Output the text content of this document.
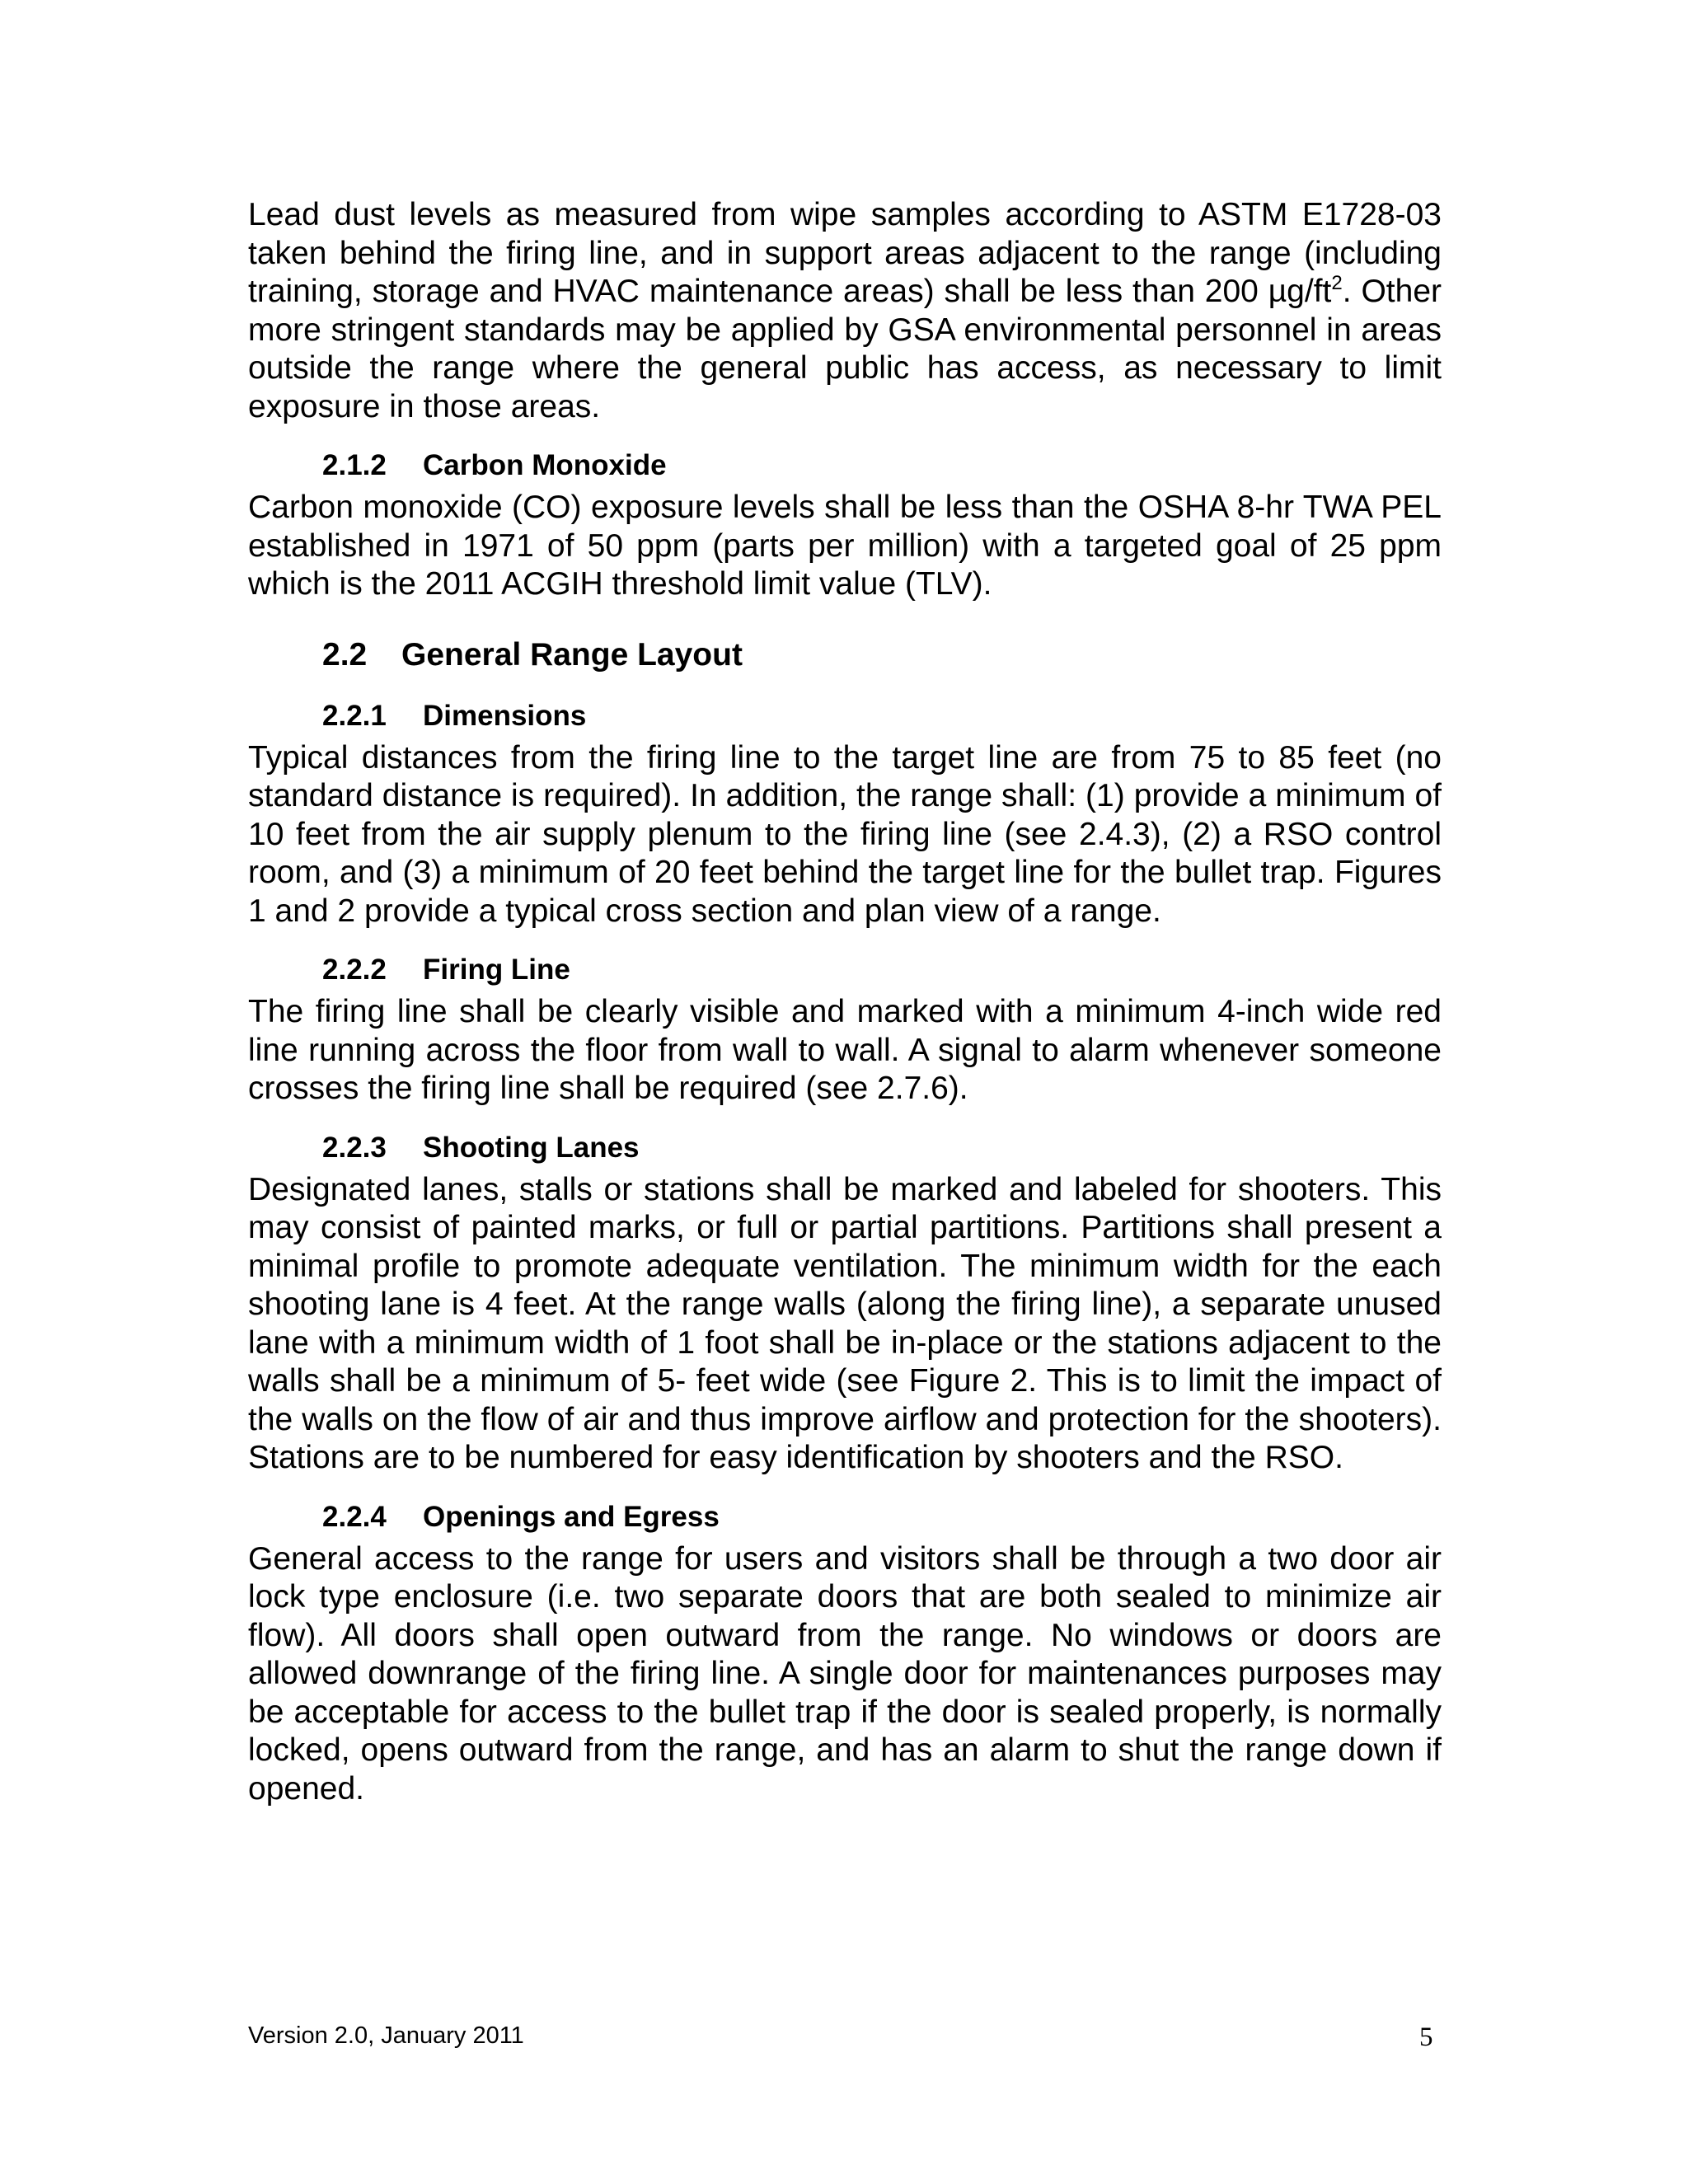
Lead dust levels as measured from wipe samples according to ASTM E1728-03 taken behind the firing line, and in support areas adjacent to the range (including training, storage and HVAC maintenance areas) shall be less than 200 $\mu g/ft^2$. Other more stringent standards may be applied by GSA environmental personnel in areas outside the range where the general public has access, as necessary to limit exposure in those areas.

2.1.2 Carbon Monoxide

Carbon monoxide (CO) exposure levels shall be less than the OSHA 8-hr TWA PEL established in 1971 of 50 ppm (parts per million) with a targeted goal of 25 ppm which is the 2011 ACGIH threshold limit value (TLV).

2.2 General Range Layout
2.2.1 Dimensions

Typical distances from the firing line to the target line are from 75 to 85 feet (no standard distance is required). In addition, the range shall: (1) provide a minimum of 10 feet from the air supply plenum to the firing line (see 2.4.3), (2) a RSO control room, and (3) a minimum of 20 feet behind the target line for the bullet trap. Figures 1 and 2 provide a typical cross section and plan view of a range.

2.2.2 Firing Line

The firing line shall be clearly visible and marked with a minimum 4-inch wide red line running across the floor from wall to wall. A signal to alarm whenever someone crosses the firing line shall be required (see 2.7.6).

2.2.3 Shooting Lanes

Designated lanes, stalls or stations shall be marked and labeled for shooters. This may consist of painted marks, or full or partial partitions. Partitions shall present a minimal profile to promote adequate ventilation. The minimum width for the each shooting lane is 4 feet. At the range walls (along the firing line), a separate unused lane with a minimum width of 1 foot shall be in-place or the stations adjacent to the walls shall be a minimum of 5- feet wide (see Figure 2. This is to limit the impact of the walls on the flow of air and thus improve airflow and protection for the shooters). Stations are to be numbered for easy identification by shooters and the RSO.

2.2.4 Openings and Egress

General access to the range for users and visitors shall be through a two door air lock type enclosure (i.e. two separate doors that are both sealed to minimize air flow). All doors shall open outward from the range. No windows or doors are allowed downrange of the firing line. A single door for maintenances purposes may be acceptable for access to the bullet trap if the door is sealed properly, is normally locked, opens outward from the range, and has an alarm to shut the range down if opened.

Version 2.0, January 2011	5
